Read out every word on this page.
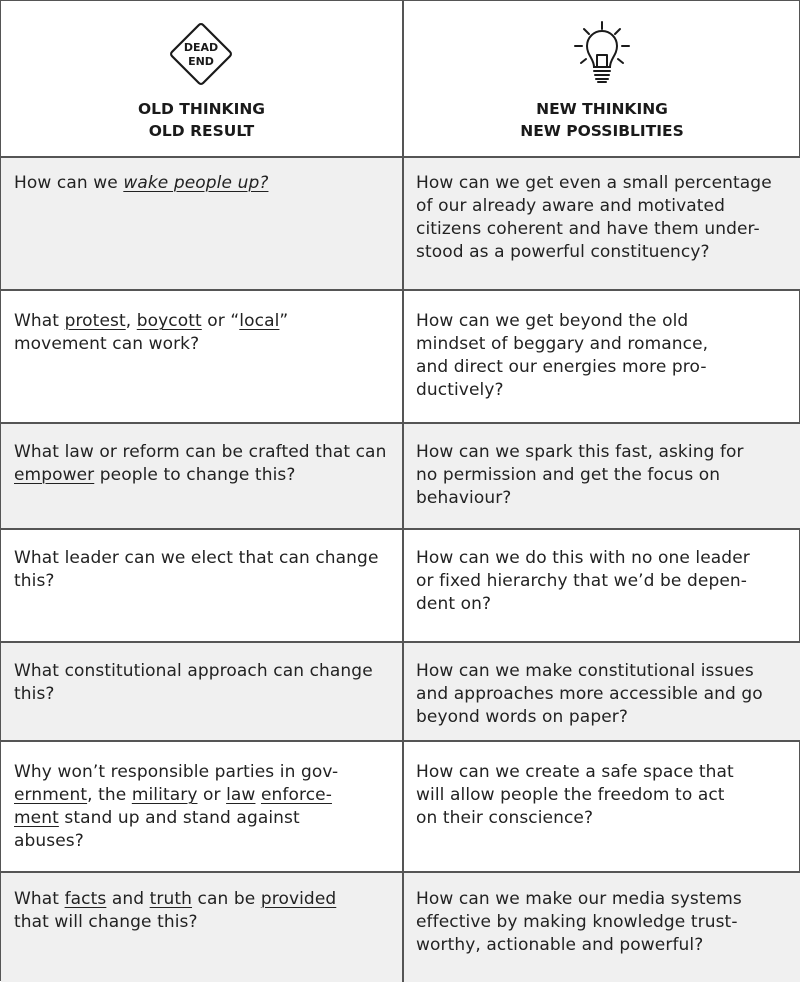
DEAD
END
OLD THINKING
OLD RESULT
NEW THINKING
NEW POSSIBLITIES
How can we wake people up?	How can we get even a small percentage
of our already aware and motivated
citizens coherent and have them under-
stood as a powerful constituency?
What protest, boycott or “local”
movement can work?
How can we get beyond the old
mindset of beggary and romance,
and direct our energies more pro-
ductively?
What law or reform can be crafted that can
empower people to change this?
How can we spark this fast, asking for
no permission and get the focus on
behaviour?
What leader can we elect that can change
this?
How can we do this with no one leader
or fixed hierarchy that we’d be depen-
dent on?
What constitutional approach can change
this?
How can we make constitutional issues
and approaches more accessible and go
beyond words on paper?
Why won’t responsible parties in gov-
ernment, the military or law enforce-
ment stand up and stand against
abuses?
How can we create a safe space that
will allow people the freedom to act
on their conscience?
What facts and truth can be provided
that will change this?
How can we make our media systems
effective by making knowledge trust-
worthy, actionable and powerful?
